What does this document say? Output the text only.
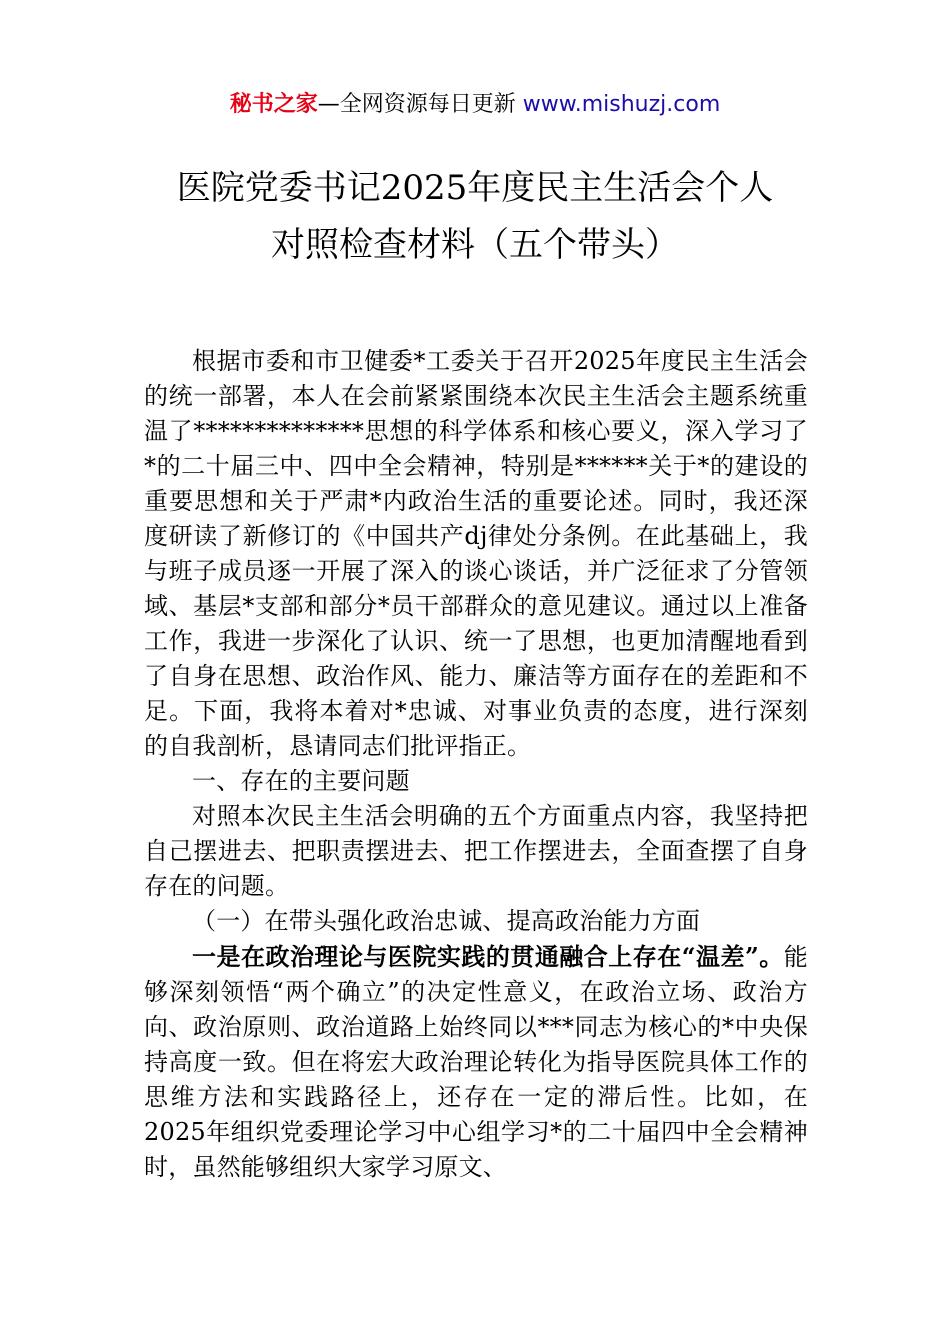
秘书之家—全网资源每日更新 www.mishuzj.com
医院党委书记2025年度民主生活会个人
对照检查材料（五个带头）

根据市委和市卫健委*工委关于召开2025年度民主生活会的统一部署，本人在会前紧紧围绕本次民主生活会主题系统重温了**************思想的科学体系和核心要义，深入学习了*的二十届三中、四中全会精神，特别是******关于*的建设的重要思想和关于严肃*内政治生活的重要论述。同时，我还深度研读了新修订的《中国共产dj律处分条例。在此基础上，我与班子成员逐一开展了深入的谈心谈话，并广泛征求了分管领域、基层*支部和部分*员干部群众的意见建议。通过以上准备工作，我进一步深化了认识、统一了思想，也更加清醒地看到了自身在思想、政治作风、能力、廉洁等方面存在的差距和不足。下面，我将本着对*忠诚、对事业负责的态度，进行深刻的自我剖析，恳请同志们批评指正。

一、存在的主要问题

对照本次民主生活会明确的五个方面重点内容，我坚持把自己摆进去、把职责摆进去、把工作摆进去，全面查摆了自身存在的问题。

（一）在带头强化政治忠诚、提高政治能力方面

一是在政治理论与医院实践的贯通融合上存在“温差”。能够深刻领悟“两个确立”的决定性意义，在政治立场、政治方向、政治原则、政治道路上始终同以***同志为核心的*中央保持高度一致。但在将宏大政治理论转化为指导医院具体工作的思维方法和实践路径上，还存在一定的滞后性。比如，在2025年组织党委理论学习中心组学习*的二十届四中全会精神时，虽然能够组织大家学习原文、
